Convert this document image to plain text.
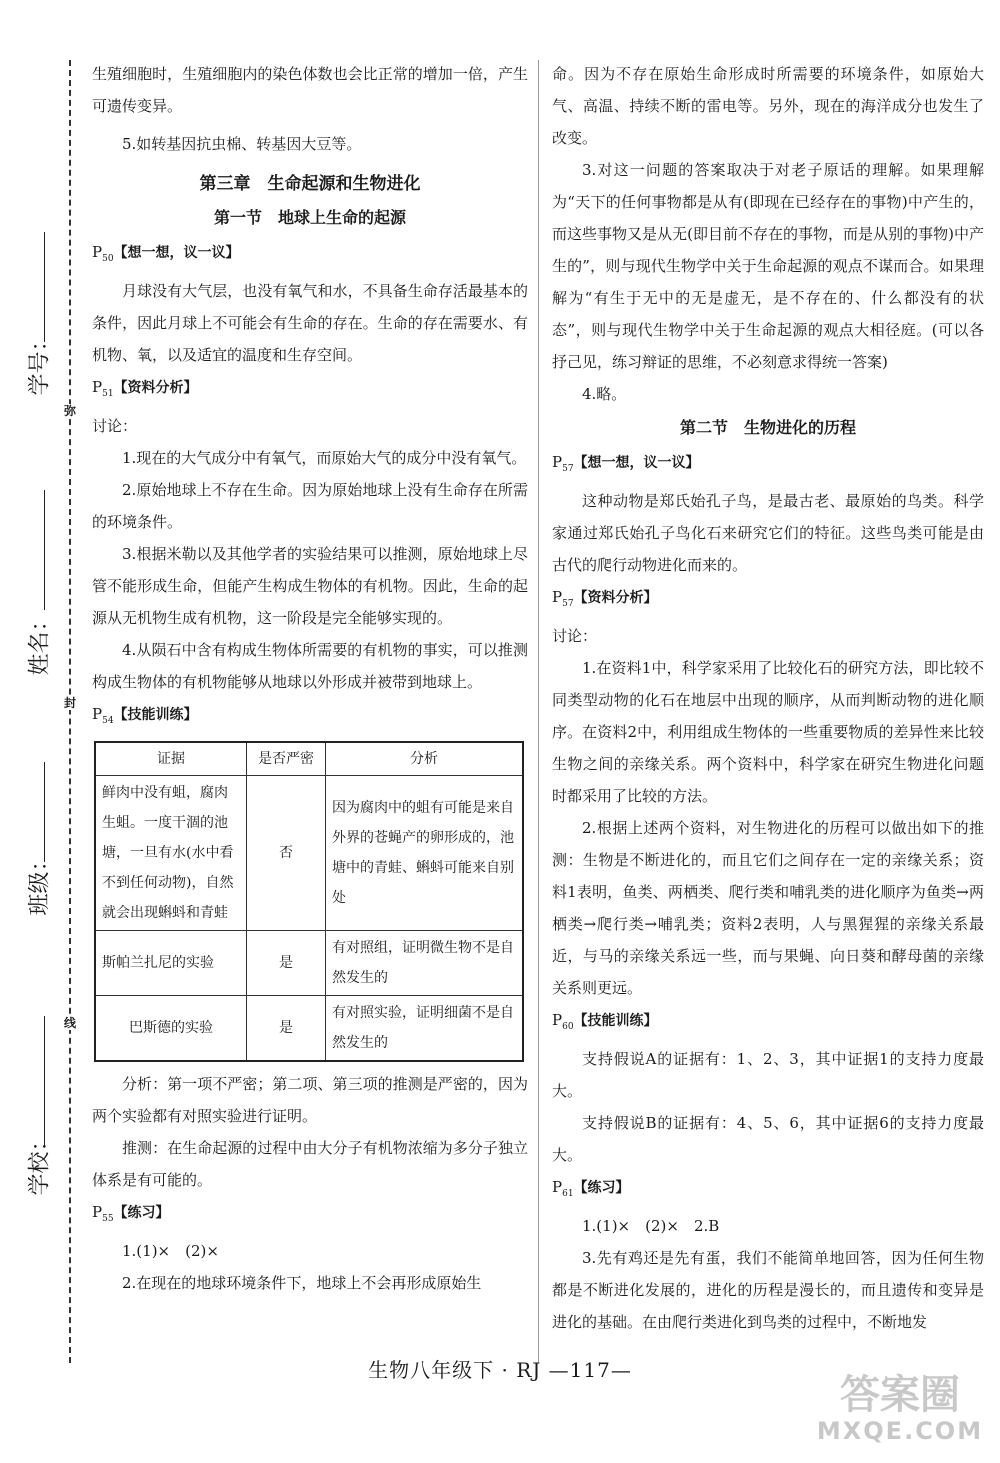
弥
封
线
学号：
姓名：
班级：
学校：

生殖细胞时，生殖细胞内的染色体数也会比正常的增加一倍，产生可遗传变异。

5.如转基因抗虫棉、转基因大豆等。

第三章　生命起源和生物进化
第一节　地球上生命的起源

$P_{50}$【想一想，议一议】

月球没有大气层，也没有氧气和水，不具备生命存活最基本的条件，因此月球上不可能会有生命的存在。生命的存在需要水、有机物、氧，以及适宜的温度和生存空间。

$P_{51}$【资料分析】

讨论：

1.现在的大气成分中有氧气，而原始大气的成分中没有氧气。

2.原始地球上不存在生命。因为原始地球上没有生命存在所需的环境条件。

3.根据米勒以及其他学者的实验结果可以推测，原始地球上尽管不能形成生命，但能产生构成生物体的有机物。因此，生命的起源从无机物生成有机物，这一阶段是完全能够实现的。

4.从陨石中含有构成生物体所需要的有机物的事实，可以推测构成生物体的有机物能够从地球以外形成并被带到地球上。

$P_{54}$【技能训练】

证据	是否严密	分析
鲜肉中没有蛆，腐肉生蛆。一度干涸的池塘，一旦有水(水中看不到任何动物)，自然就会出现蝌蚪和青蛙	否	因为腐肉中的蛆有可能是来自外界的苍蝇产的卵形成的，池塘中的青蛙、蝌蚪可能来自别处
斯帕兰扎尼的实验	是	有对照组，证明微生物不是自然发生的
巴斯德的实验	是	有对照实验，证明细菌不是自然发生的

分析：第一项不严密；第二项、第三项的推测是严密的，因为两个实验都有对照实验进行证明。

推测：在生命起源的过程中由大分子有机物浓缩为多分子独立体系是有可能的。

$P_{55}$【练习】

1.(1)×　(2)×

2.在现在的地球环境条件下，地球上不会再形成原始生

命。因为不存在原始生命形成时所需要的环境条件，如原始大气、高温、持续不断的雷电等。另外，现在的海洋成分也发生了改变。

3.对这一问题的答案取决于对老子原话的理解。如果理解为“天下的任何事物都是从有(即现在已经存在的事物)中产生的，而这些事物又是从无(即目前不存在的事物，而是从别的事物)中产生的”，则与现代生物学中关于生命起源的观点不谋而合。如果理解为“有生于无中的无是虚无，是不存在的、什么都没有的状态”，则与现代生物学中关于生命起源的观点大相径庭。(可以各抒己见，练习辩证的思维，不必刻意求得统一答案)

4.略。

第二节　生物进化的历程

$P_{57}$【想一想，议一议】

这种动物是郑氏始孔子鸟，是最古老、最原始的鸟类。科学家通过郑氏始孔子鸟化石来研究它们的特征。这些鸟类可能是由古代的爬行动物进化而来的。

$P_{57}$【资料分析】

讨论：

1.在资料1中，科学家采用了比较化石的研究方法，即比较不同类型动物的化石在地层中出现的顺序，从而判断动物的进化顺序。在资料2中，利用组成生物体的一些重要物质的差异性来比较生物之间的亲缘关系。两个资料中，科学家在研究生物进化问题时都采用了比较的方法。

2.根据上述两个资料，对生物进化的历程可以做出如下的推测：生物是不断进化的，而且它们之间存在一定的亲缘关系；资料1表明，鱼类、两栖类、爬行类和哺乳类的进化顺序为鱼类→两栖类→爬行类→哺乳类；资料2表明，人与黑猩猩的亲缘关系最近，与马的亲缘关系远一些，而与果蝇、向日葵和酵母菌的亲缘关系则更远。

$P_{60}$【技能训练】

支持假说A的证据有：1、2、3，其中证据1的支持力度最大。

支持假说B的证据有：4、5、6，其中证据6的支持力度最大。

$P_{61}$【练习】

1.(1)×　(2)×　2.B

3.先有鸡还是先有蛋，我们不能简单地回答，因为任何生物都是不断进化发展的，进化的历程是漫长的，而且遗传和变异是进化的基础。在由爬行类进化到鸟类的过程中，不断地发

生物八年级下 · RJ —117—
答案圈
MXQE.COM
